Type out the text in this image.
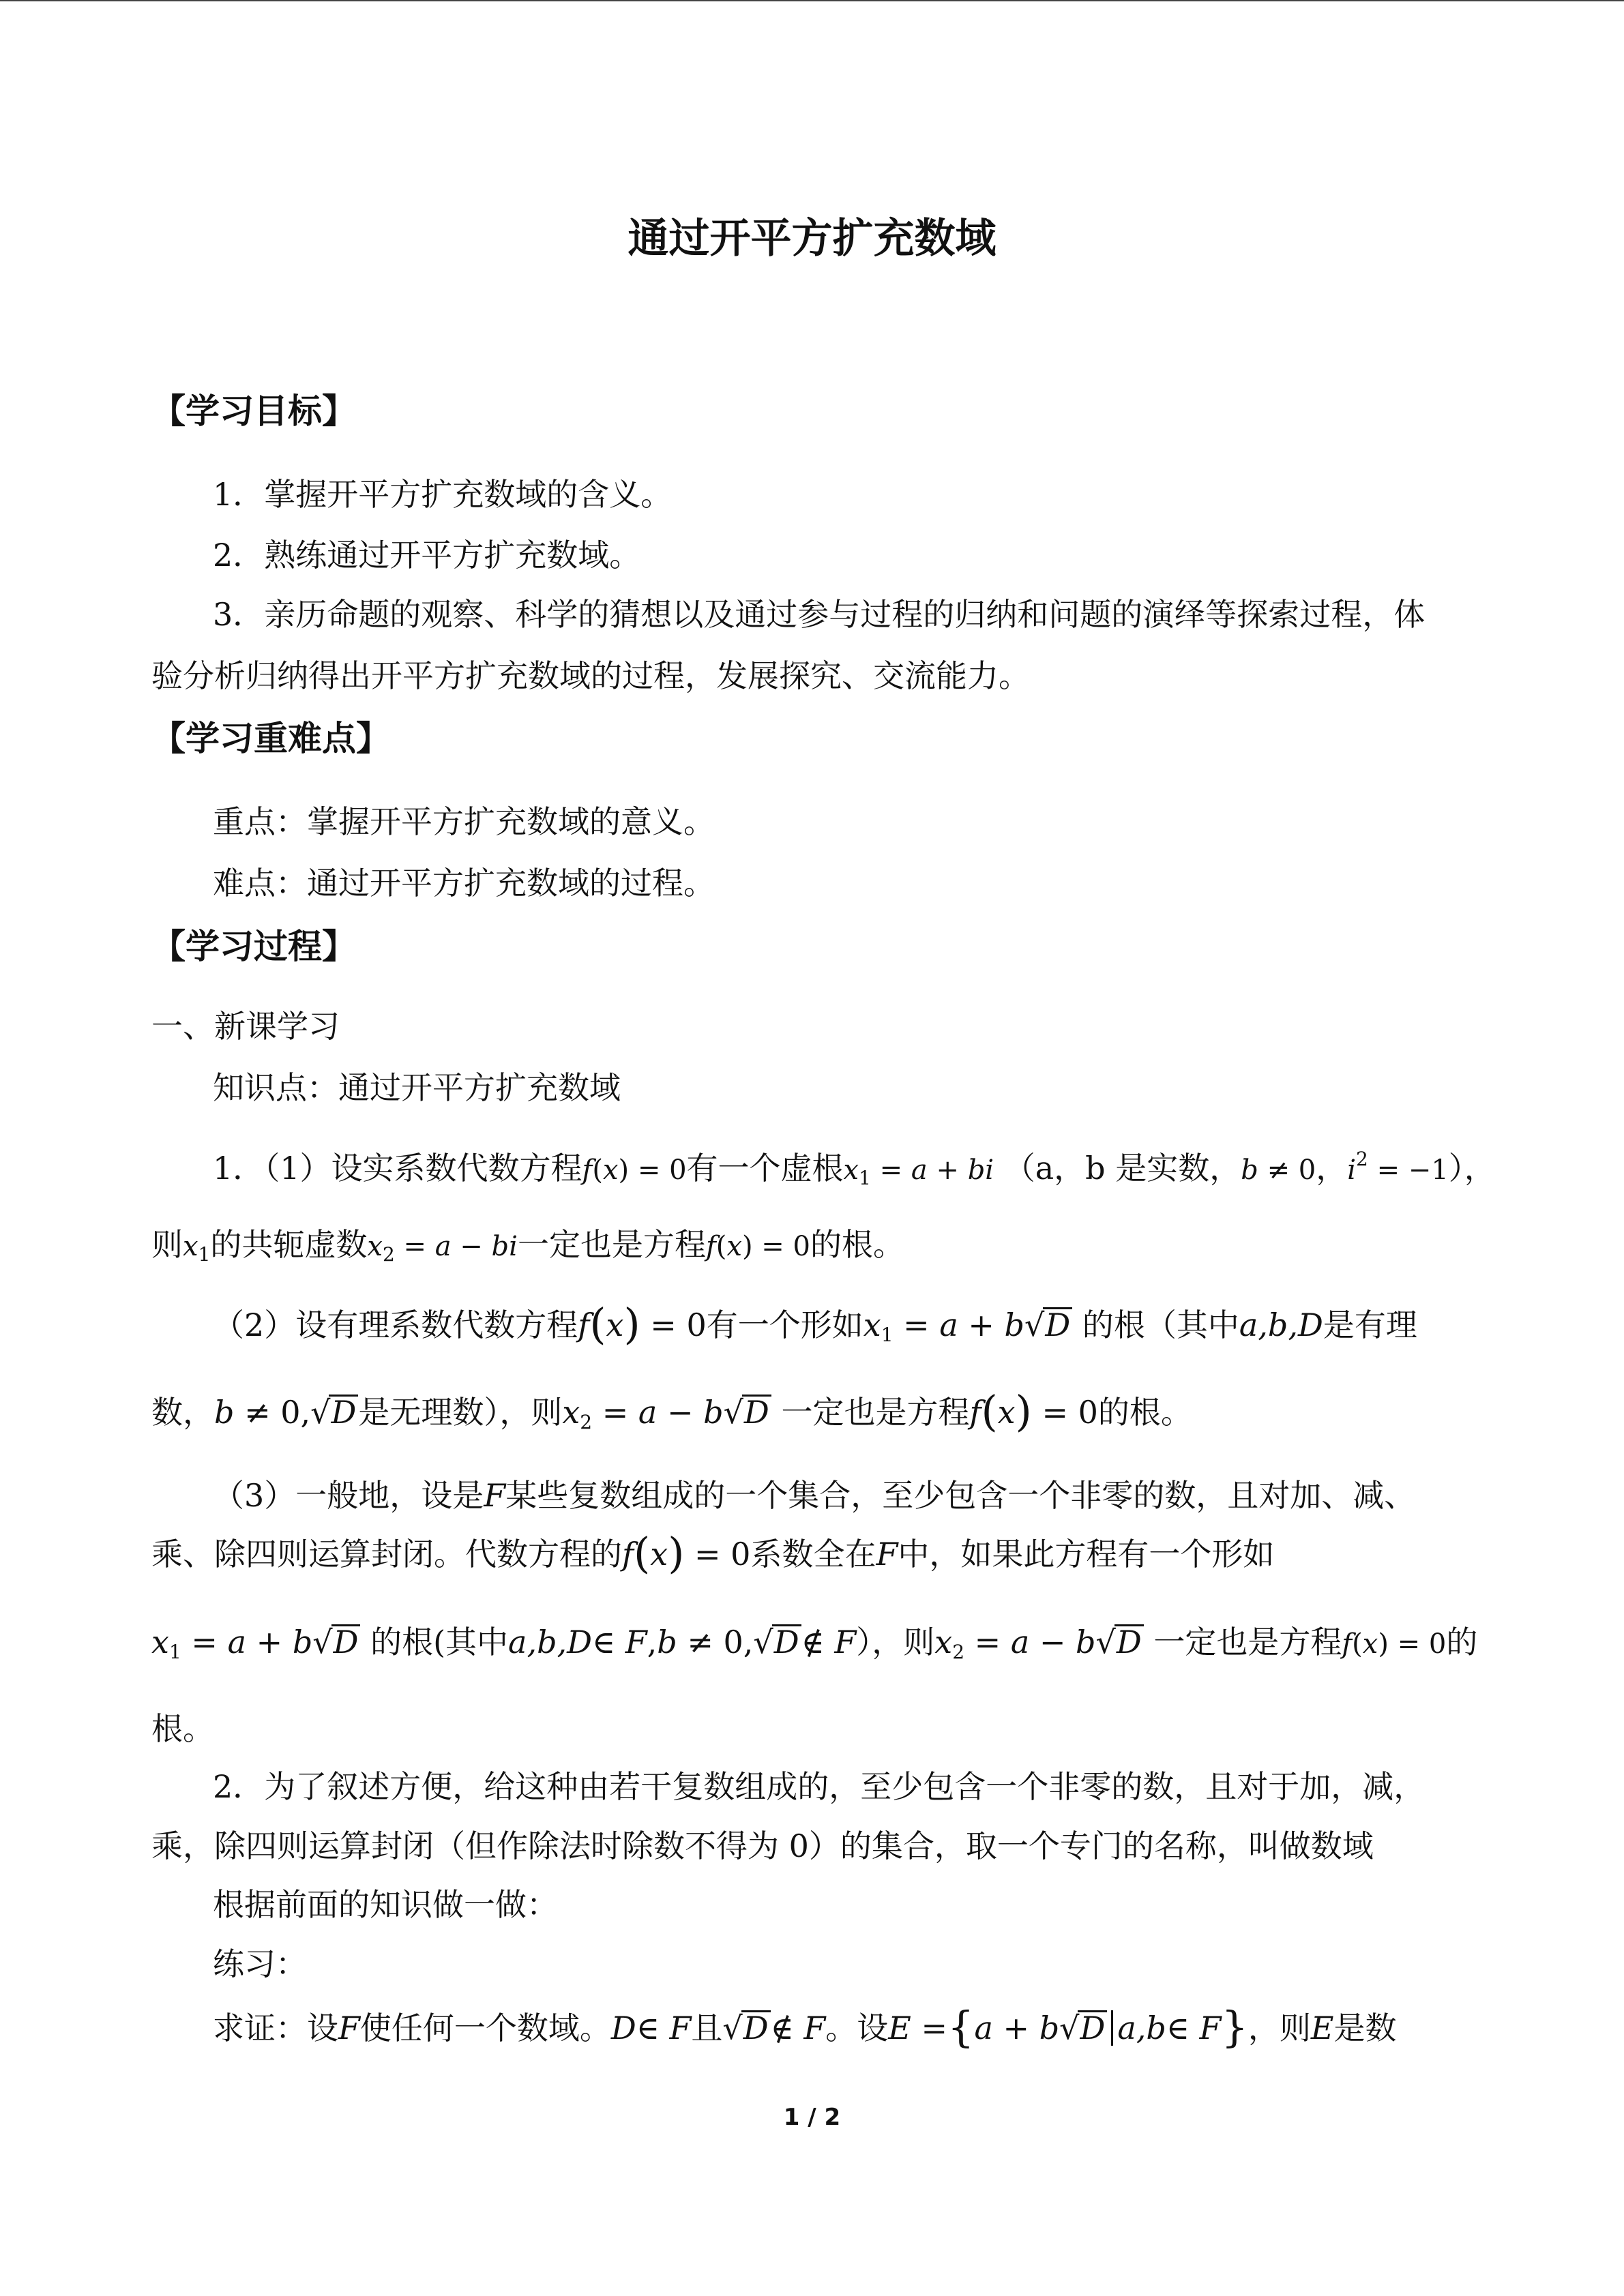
通过开平方扩充数域
【学习目标】
1．掌握开平方扩充数域的含义。
2．熟练通过开平方扩充数域。
3．亲历命题的观察、科学的猜想以及通过参与过程的归纳和问题的演绎等探索过程，体
验分析归纳得出开平方扩充数域的过程，发展探究、交流能力。
【学习重难点】
重点：掌握开平方扩充数域的意义。
难点：通过开平方扩充数域的过程。
【学习过程】
一、新课学习
知识点：通过开平方扩充数域
1．（1）设实系数代数方程f(x) = 0有一个虚根$x_1 = a$ + bi （a，b 是实数，b ≠ 0，$i^2 = -1$），
则$x_1$的共轭虚数$x_2 = a$ − bi一定也是方程f(x) = 0的根。
（2）设有理系数代数方程f(x) = 0有一个形如$x_1 = a + b√D$ 的根（其中a,b,D是有理
数，b ≠ 0,√D是无理数），则$x_2 = a - b√D$ 一定也是方程f(x) = 0的根。
（3）一般地，设是F某些复数组成的一个集合，至少包含一个非零的数，且对加、减、
乘、除四则运算封闭。代数方程的f(x) = 0系数全在F中，如果此方程有一个形如
$x_1 = a + b√D$ 的根(其中a,b,D∈ F,b ≠ 0,√D∉ F），则$x_2 = a - b√D$ 一定也是方程f(x) = 0的
根。
2．为了叙述方便，给这种由若干复数组成的，至少包含一个非零的数，且对于加，减，
乘，除四则运算封闭（但作除法时除数不得为 0）的集合，取一个专门的名称，叫做数域
根据前面的知识做一做：
练习：
求证：设F使任何一个数域。D∈ F且√D∉ F。设E ={a + b√D a,b∈ F}，则E是数
1 / 2
